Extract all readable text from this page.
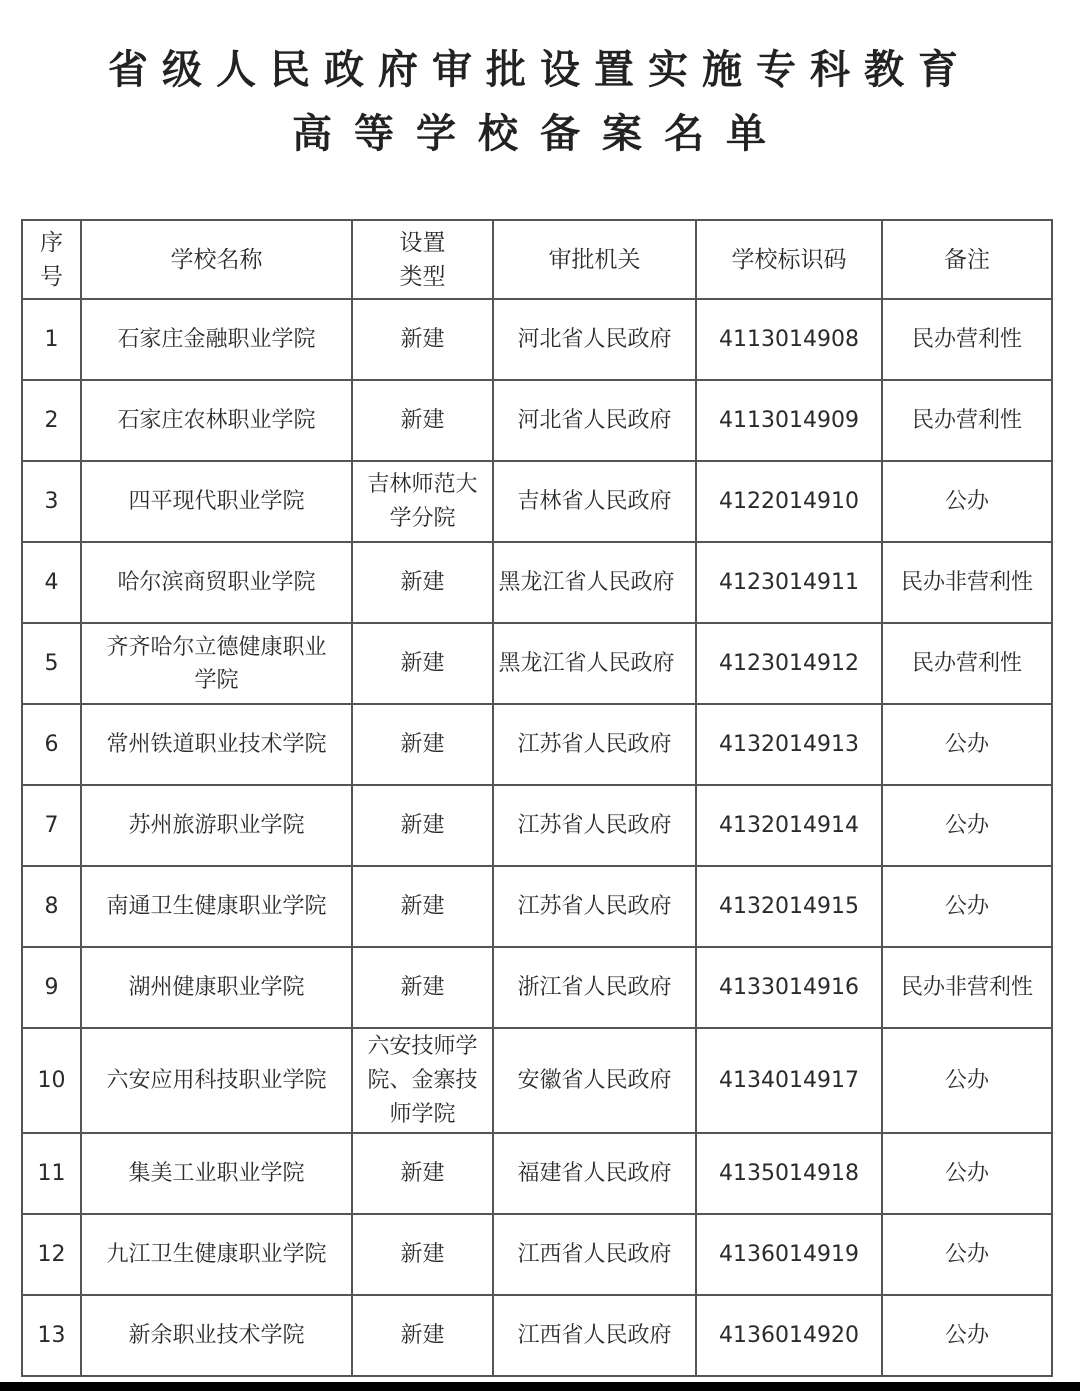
省级人民政府审批设置实施专科教育
高等学校备案名单
序号	学校名称	设置类型	审批机关	学校标识码	备注
1	石家庄金融职业学院	新建	河北省人民政府	4113014908	民办营利性
2	石家庄农林职业学院	新建	河北省人民政府	4113014909	民办营利性
3	四平现代职业学院	吉林师范大学分院	吉林省人民政府	4122014910	公办
4	哈尔滨商贸职业学院	新建	黑龙江省人民政府	4123014911	民办非营利性
5	齐齐哈尔立德健康职业学院	新建	黑龙江省人民政府	4123014912	民办营利性
6	常州铁道职业技术学院	新建	江苏省人民政府	4132014913	公办
7	苏州旅游职业学院	新建	江苏省人民政府	4132014914	公办
8	南通卫生健康职业学院	新建	江苏省人民政府	4132014915	公办
9	湖州健康职业学院	新建	浙江省人民政府	4133014916	民办非营利性
10	六安应用科技职业学院	六安技师学院、金寨技师学院	安徽省人民政府	4134014917	公办
11	集美工业职业学院	新建	福建省人民政府	4135014918	公办
12	九江卫生健康职业学院	新建	江西省人民政府	4136014919	公办
13	新余职业技术学院	新建	江西省人民政府	4136014920	公办
